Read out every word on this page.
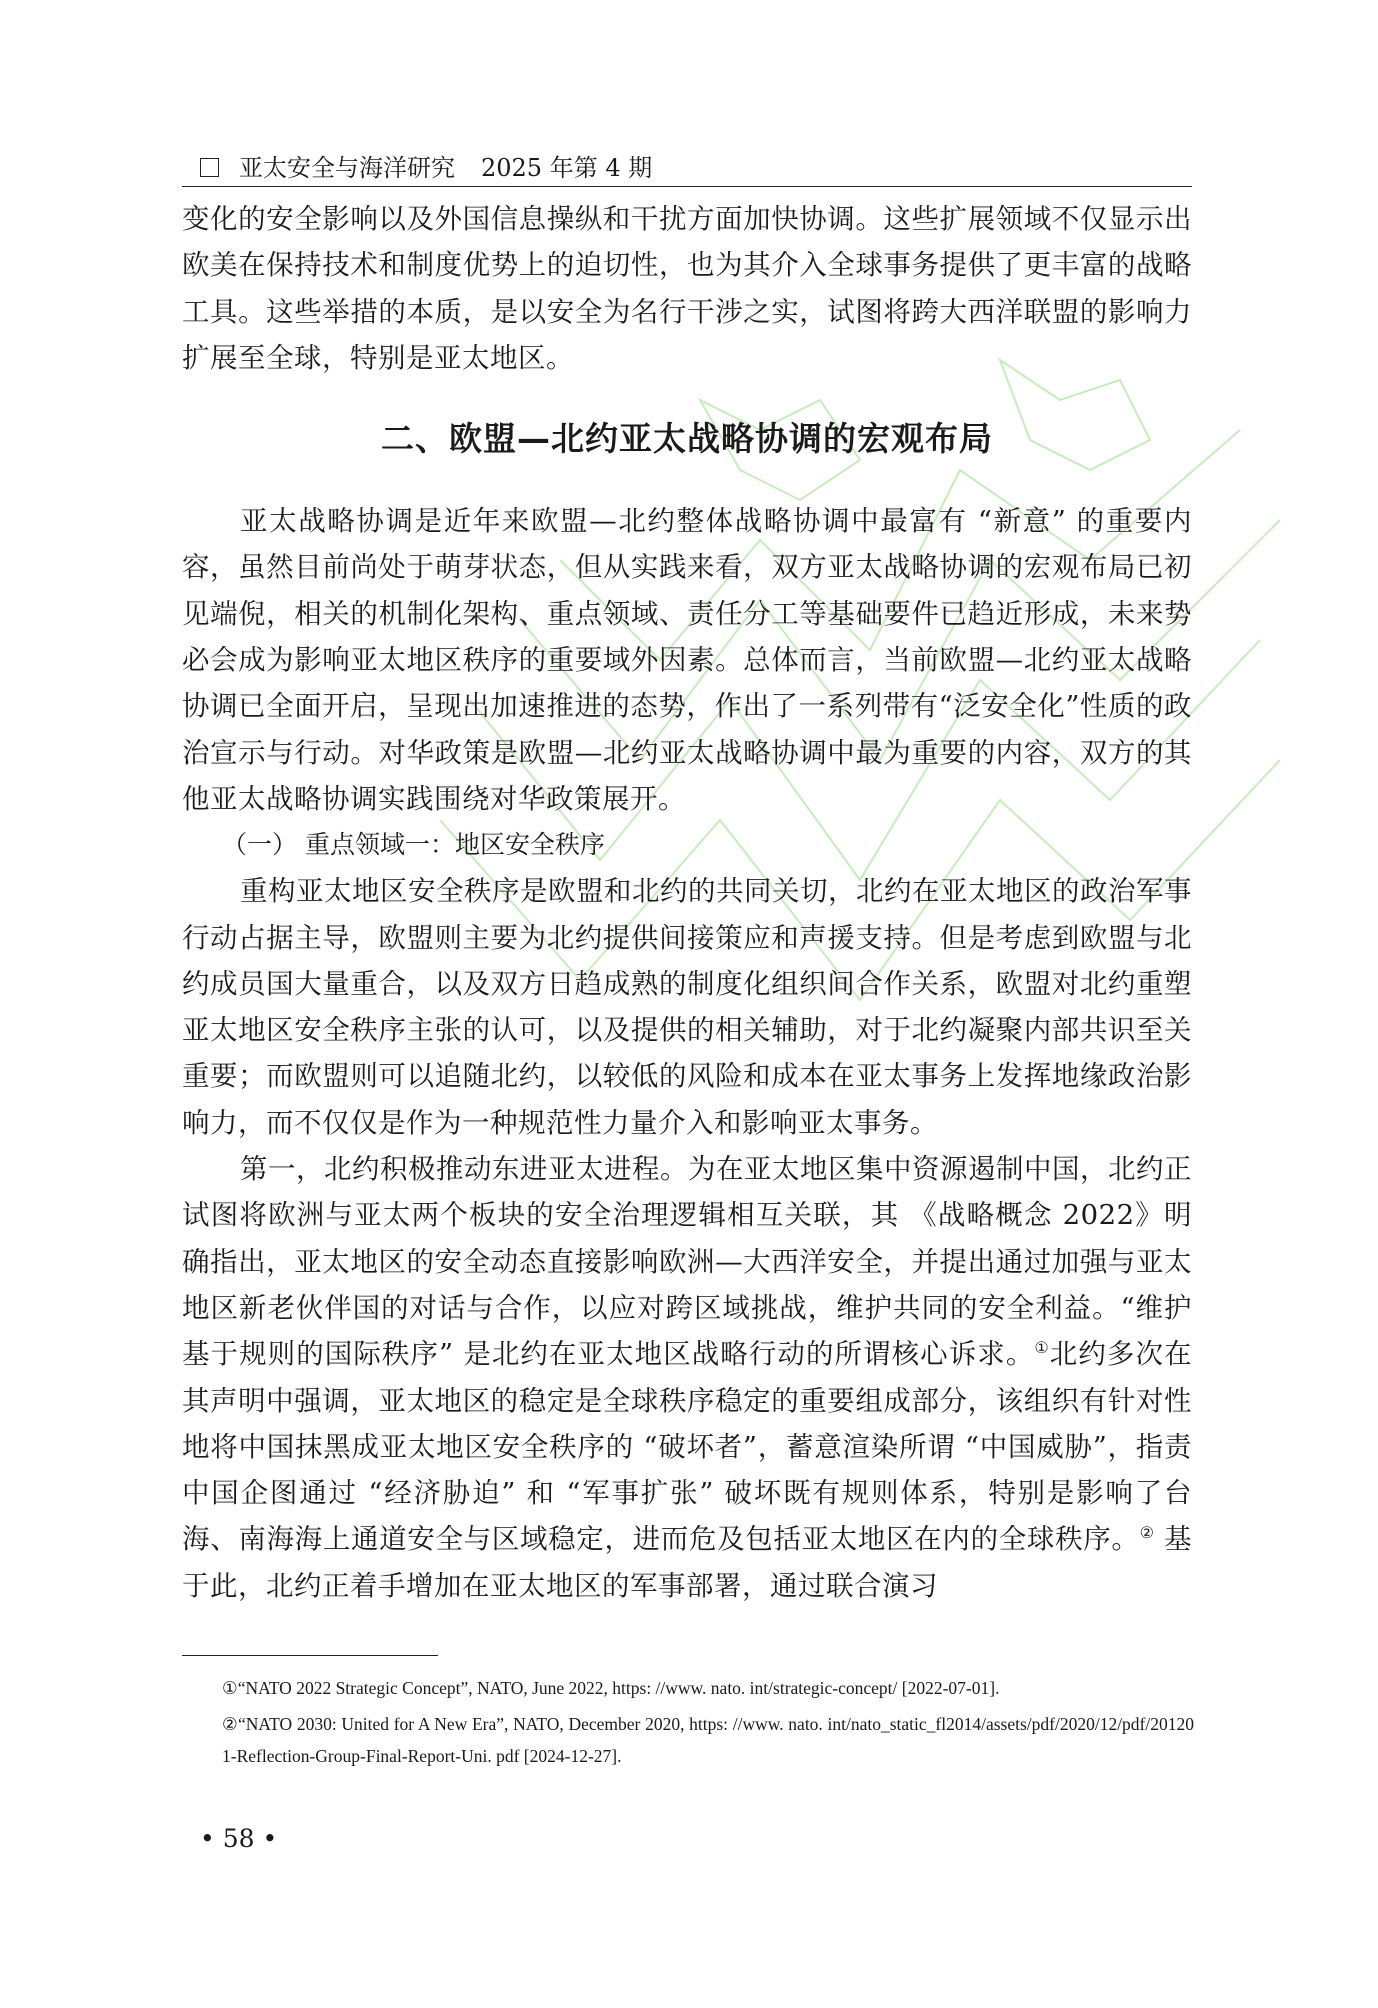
亚太安全与海洋研究 2025 年第 4 期

变化的安全影响以及外国信息操纵和干扰方面加快协调。这些扩展领域不仅显示出欧美在保持技术和制度优势上的迫切性，也为其介入全球事务提供了更丰富的战略工具。这些举措的本质，是以安全为名行干涉之实，试图将跨大西洋联盟的影响力扩展至全球，特别是亚太地区。

二、欧盟—北约亚太战略协调的宏观布局

亚太战略协调是近年来欧盟—北约整体战略协调中最富有 “新意” 的重要内容，虽然目前尚处于萌芽状态，但从实践来看，双方亚太战略协调的宏观布局已初见端倪，相关的机制化架构、重点领域、责任分工等基础要件已趋近形成，未来势必会成为影响亚太地区秩序的重要域外因素。总体而言，当前欧盟—北约亚太战略协调已全面开启，呈现出加速推进的态势，作出了一系列带有“泛安全化”性质的政治宣示与行动。对华政策是欧盟—北约亚太战略协调中最为重要的内容，双方的其他亚太战略协调实践围绕对华政策展开。

（一） 重点领域一：地区安全秩序

重构亚太地区安全秩序是欧盟和北约的共同关切，北约在亚太地区的政治军事行动占据主导，欧盟则主要为北约提供间接策应和声援支持。但是考虑到欧盟与北约成员国大量重合，以及双方日趋成熟的制度化组织间合作关系，欧盟对北约重塑亚太地区安全秩序主张的认可，以及提供的相关辅助，对于北约凝聚内部共识至关重要；而欧盟则可以追随北约，以较低的风险和成本在亚太事务上发挥地缘政治影响力，而不仅仅是作为一种规范性力量介入和影响亚太事务。

第一，北约积极推动东进亚太进程。为在亚太地区集中资源遏制中国，北约正试图将欧洲与亚太两个板块的安全治理逻辑相互关联，其 《战略概念 2022》明确指出，亚太地区的安全动态直接影响欧洲—大西洋安全，并提出通过加强与亚太地区新老伙伴国的对话与合作，以应对跨区域挑战，维护共同的安全利益。“维护基于规则的国际秩序” 是北约在亚太地区战略行动的所谓核心诉求。①北约多次在其声明中强调，亚太地区的稳定是全球秩序稳定的重要组成部分，该组织有针对性地将中国抹黑成亚太地区安全秩序的 “破坏者”，蓄意渲染所谓 “中国威胁”，指责中国企图通过 “经济胁迫” 和 “军事扩张” 破坏既有规则体系，特别是影响了台海、南海海上通道安全与区域稳定，进而危及包括亚太地区在内的全球秩序。② 基于此，北约正着手增加在亚太地区的军事部署，通过联合演习

①“NATO 2022 Strategic Concept”, NATO, June 2022, https: //www. nato. int/strategic-concept/ [2022-07-01].

②“NATO 2030: United for A New Era”, NATO, December 2020, https: //www. nato. int/nato_static_fl2014/assets/pdf/2020/12/pdf/201201-Reflection-Group-Final-Report-Uni. pdf [2024-12-27].

• 58 •
